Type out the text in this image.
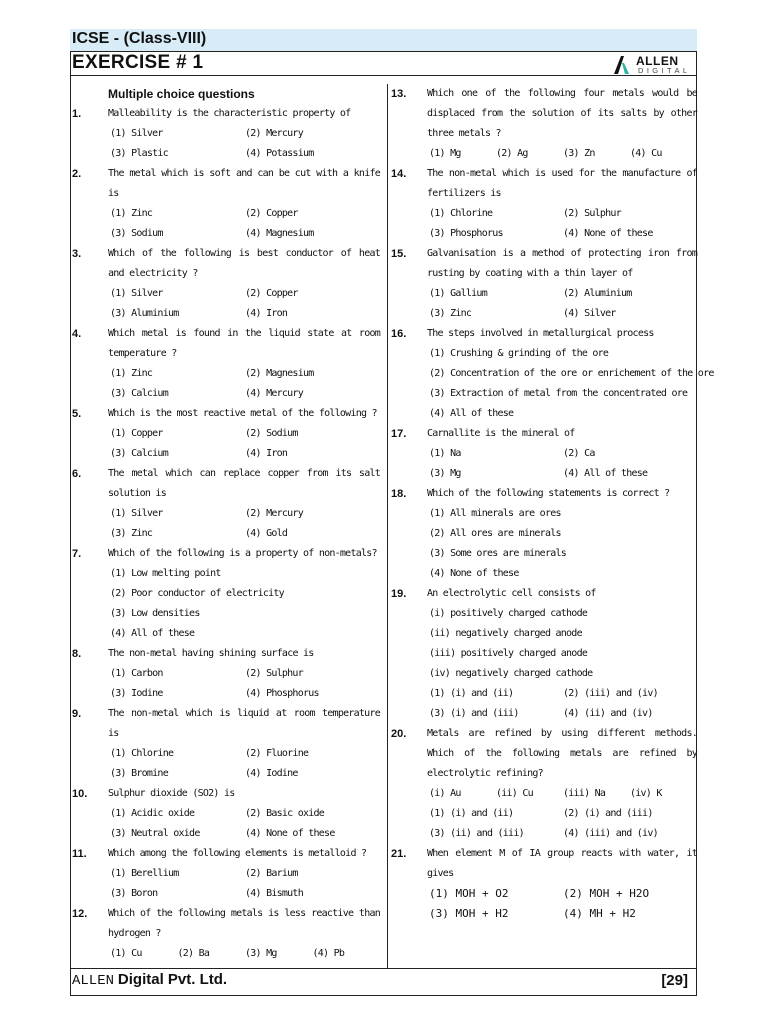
ICSE - (Class-VIII)
EXERCISE # 1	ALLEN
DIGITAL
Multiple choice questions
1.	Malleability is the characteristic property of
(1) Silver	(2) Mercury
(3) Plastic	(4) Potassium
2.	The metal which is soft and can be cut with a knife is
(1) Zinc	(2) Copper
(3) Sodium	(4) Magnesium
3.	Which of the following is best conductor of heat and electricity ?
(1) Silver	(2) Copper
(3) Aluminium	(4) Iron
4.	Which metal is found in the liquid state at room temperature ?
(1) Zinc	(2) Magnesium
(3) Calcium	(4) Mercury
5.	Which is the most reactive metal of the following ?
(1) Copper	(2) Sodium
(3) Calcium	(4) Iron
6.	The metal which can replace copper from its salt solution is
(1) Silver	(2) Mercury
(3) Zinc	(4) Gold
7.	Which of the following is a property of non-metals?
(1) Low melting point
(2) Poor conductor of electricity
(3) Low densities
(4) All of these
8.	The non-metal having shining surface is
(1) Carbon	(2) Sulphur
(3) Iodine	(4) Phosphorus
9.	The non-metal which is liquid at room temperature is
(1) Chlorine	(2) Fluorine
(3) Bromine	(4) Iodine
10. Sulphur dioxide (SO2) is
(1) Acidic oxide	(2) Basic oxide
(3) Neutral oxide	(4) None of these
11. Which among the following elements is metalloid ?
(1) Berellium	(2) Barium
(3) Boron	(4) Bismuth
12. Which of the following metals is less reactive than hydrogen ?
(1) Cu	(2) Ba	(3) Mg	(4) Pb
13. Which one of the following four metals would be displaced from the solution of its salts by other three metals ?
(1) Mg	(2) Ag	(3) Zn	(4) Cu
14. The non-metal which is used for the manufacture of fertilizers is
(1) Chlorine	(2) Sulphur
(3) Phosphorus	(4) None of these
15. Galvanisation is a method of protecting iron from rusting by coating with a thin layer of
(1) Gallium	(2) Aluminium
(3) Zinc	(4) Silver
16. The steps involved in metallurgical process
(1) Crushing & grinding of the ore
(2) Concentration of the ore or enrichement of the ore
(3) Extraction of metal from the concentrated ore
(4) All of these
17. Carnallite is the mineral of
(1) Na	(2) Ca
(3) Mg	(4) All of these
18. Which of the following statements is correct ?
(1) All minerals are ores
(2) All ores are minerals
(3) Some ores are minerals
(4) None of these
19. An electrolytic cell consists of
(i) positively charged cathode
(ii) negatively charged anode
(iii) positively charged anode
(iv) negatively charged cathode
(1) (i) and (ii)	(2) (iii) and (iv)
(3) (i) and (iii)	(4) (ii) and (iv)
20. Metals are refined by using different methods. Which of the following metals are refined by electrolytic refining?
(i) Au	(ii) Cu	(iii) Na	(iv) K
(1) (i) and (ii)	(2) (i) and (iii)
(3) (ii) and (iii)	(4) (iii) and (iv)
21. When element M of IA group reacts with water, it gives
(1) MOH + O2	(2) MOH + H2O
(3) MOH + H2	(4) MH + H2
ALLEN Digital Pvt. Ltd.	[29]
